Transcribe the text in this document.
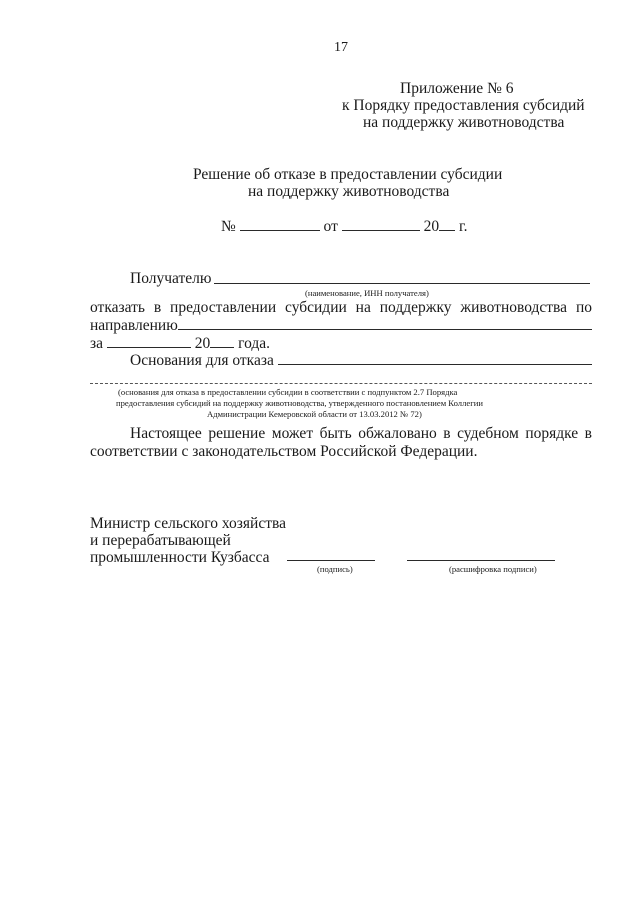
17
Приложение № 6
к Порядку предоставления субсидий
на поддержку животноводства
Решение об отказе в предоставлении субсидии
на поддержку животноводства
№	от	20 г.
Получателю
(наименование, ИНН получателя)
отказать в предоставлении субсидии на поддержку животноводства по
направлению
за	20 года.
Основания для отказа
(основания для отказа в предоставлении субсидии в соответствии с подпунктом 2.7 Порядка
предоставления субсидий на поддержку животноводства, утвержденного постановлением Коллегии
Администрации Кемеровской области от 13.03.2012 № 72)
Настоящее решение может быть обжаловано в судебном порядке в
соответствии с законодательством Российской Федерации.
Министр сельского хозяйства
и перерабатывающей
промышленности Кузбасса
(подпись)	(расшифровка подписи)
